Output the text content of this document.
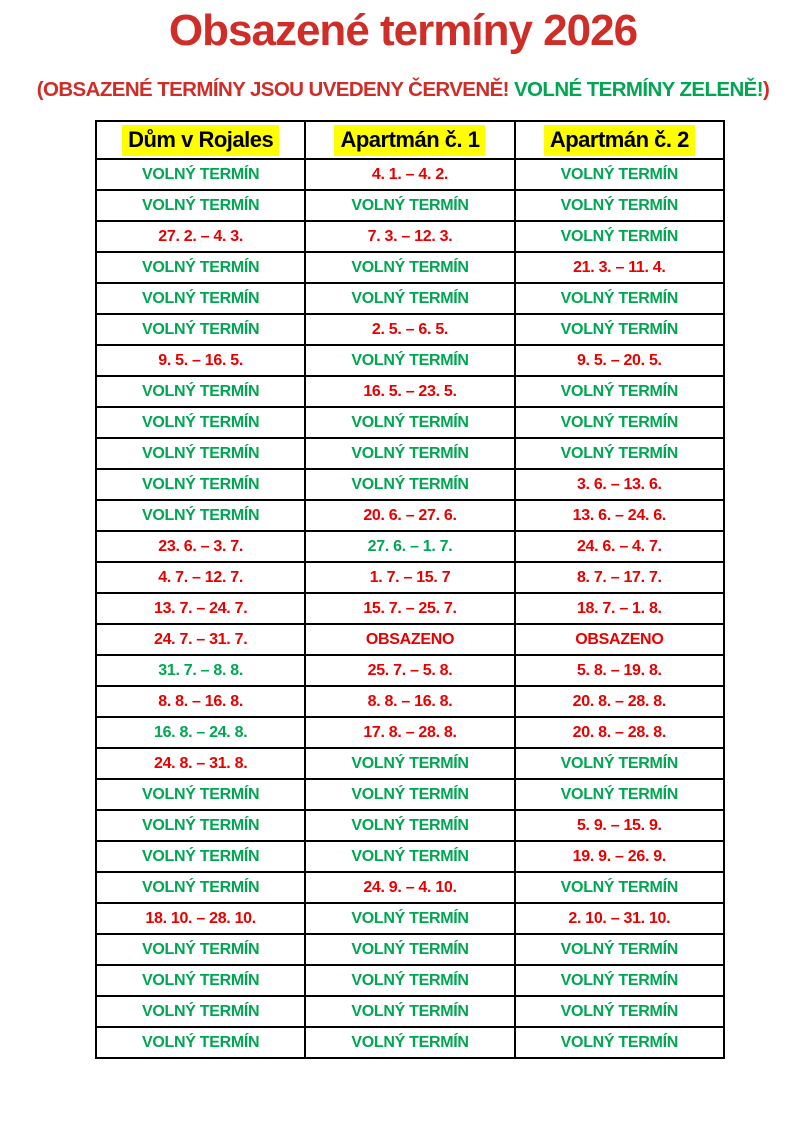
Obsazené termíny 2026
(OBSAZENÉ TERMÍNY JSOU UVEDENY ČERVENĚ! VOLNÉ TERMÍNY ZELENĚ!)
Dům v Rojales	Apartmán č. 1	Apartmán č. 2
VOLNÝ TERMÍN	4. 1. – 4. 2.	VOLNÝ TERMÍN
VOLNÝ TERMÍN	VOLNÝ TERMÍN	VOLNÝ TERMÍN
27. 2. – 4. 3.	7. 3. – 12. 3.	VOLNÝ TERMÍN
VOLNÝ TERMÍN	VOLNÝ TERMÍN	21. 3. – 11. 4.
VOLNÝ TERMÍN	VOLNÝ TERMÍN	VOLNÝ TERMÍN
VOLNÝ TERMÍN	2. 5. – 6. 5.	VOLNÝ TERMÍN
9. 5. – 16. 5.	VOLNÝ TERMÍN	9. 5. – 20. 5.
VOLNÝ TERMÍN	16. 5. – 23. 5.	VOLNÝ TERMÍN
VOLNÝ TERMÍN	VOLNÝ TERMÍN	VOLNÝ TERMÍN
VOLNÝ TERMÍN	VOLNÝ TERMÍN	VOLNÝ TERMÍN
VOLNÝ TERMÍN	VOLNÝ TERMÍN	3. 6. – 13. 6.
VOLNÝ TERMÍN	20. 6. – 27. 6.	13. 6. – 24. 6.
23. 6. – 3. 7.	27. 6. – 1. 7.	24. 6. – 4. 7.
4. 7. – 12. 7.	1. 7. – 15. 7	8. 7. – 17. 7.
13. 7. – 24. 7.	15. 7. – 25. 7.	18. 7. – 1. 8.
24. 7. – 31. 7.	OBSAZENO	OBSAZENO
31. 7. – 8. 8.	25. 7. – 5. 8.	5. 8. – 19. 8.
8. 8. – 16. 8.	8. 8. – 16. 8.	20. 8. – 28. 8.
16. 8. – 24. 8.	17. 8. – 28. 8.	20. 8. – 28. 8.
24. 8. – 31. 8.	VOLNÝ TERMÍN	VOLNÝ TERMÍN
VOLNÝ TERMÍN	VOLNÝ TERMÍN	VOLNÝ TERMÍN
VOLNÝ TERMÍN	VOLNÝ TERMÍN	5. 9. – 15. 9.
VOLNÝ TERMÍN	VOLNÝ TERMÍN	19. 9. – 26. 9.
VOLNÝ TERMÍN	24. 9. – 4. 10.	VOLNÝ TERMÍN
18. 10. – 28. 10.	VOLNÝ TERMÍN	2. 10. – 31. 10.
VOLNÝ TERMÍN	VOLNÝ TERMÍN	VOLNÝ TERMÍN
VOLNÝ TERMÍN	VOLNÝ TERMÍN	VOLNÝ TERMÍN
VOLNÝ TERMÍN	VOLNÝ TERMÍN	VOLNÝ TERMÍN
VOLNÝ TERMÍN	VOLNÝ TERMÍN	VOLNÝ TERMÍN
